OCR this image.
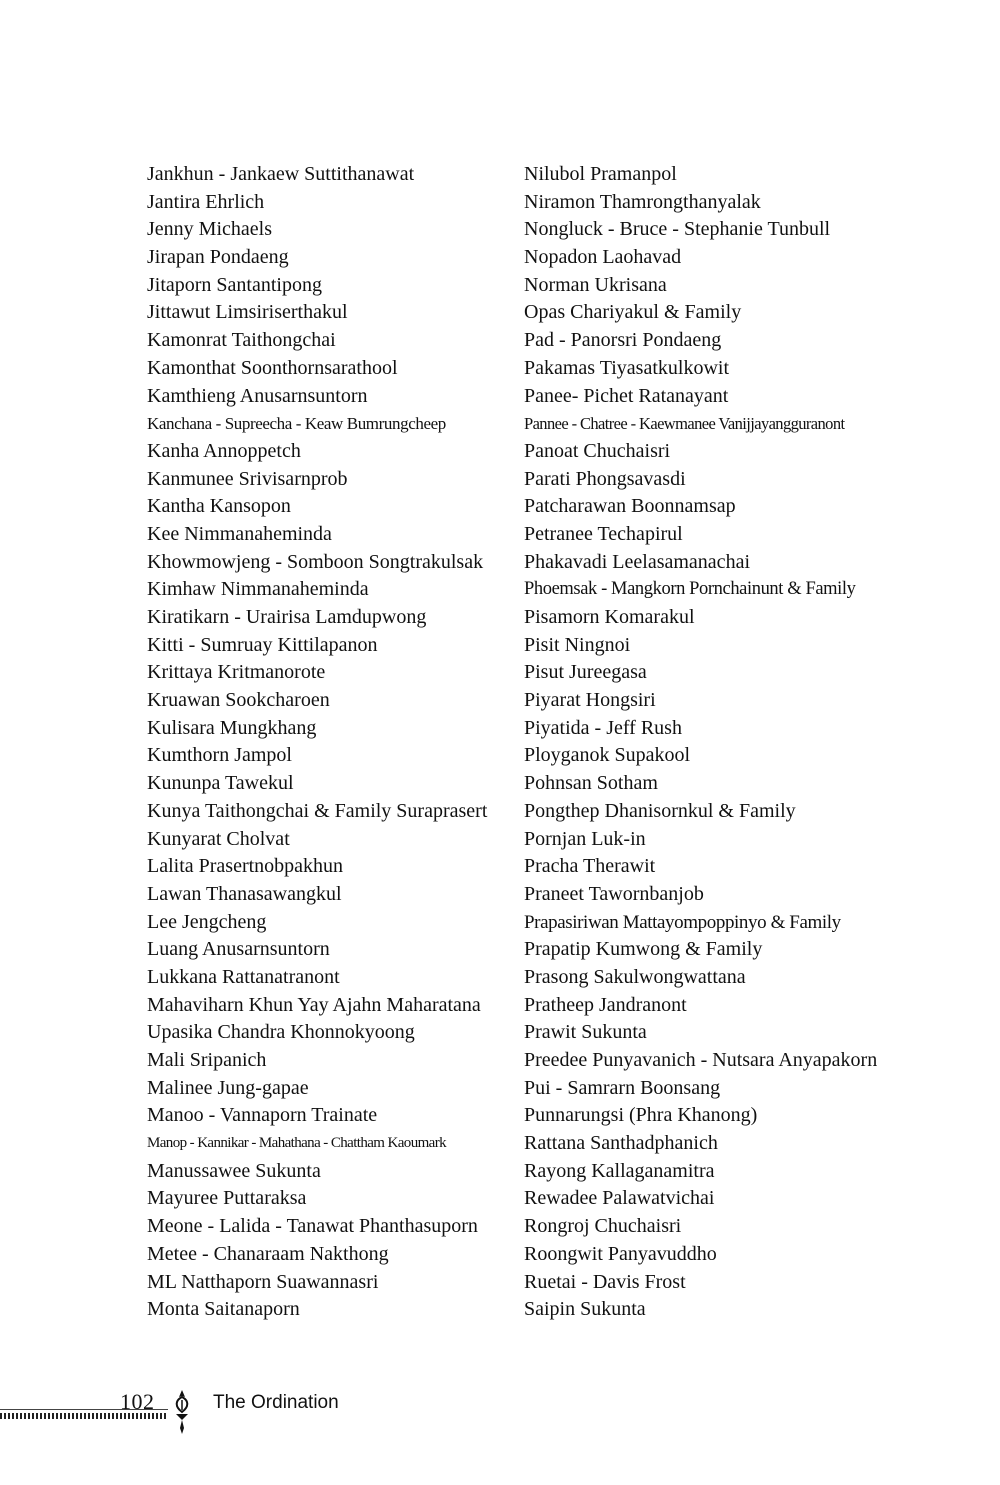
Jankhun - Jankaew Suttithanawat
Jantira Ehrlich
Jenny Michaels
Jirapan Pondaeng
Jitaporn Santantipong
Jittawut Limsiriserthakul
Kamonrat Taithongchai
Kamonthat Soonthornsarathool
Kamthieng Anusarnsuntorn
Kanchana - Supreecha - Keaw Bumrungcheep
Kanha Annoppetch
Kanmunee Srivisarnprob
Kantha Kansopon
Kee Nimmanaheminda
Khowmowjeng - Somboon Songtrakulsak
Kimhaw Nimmanaheminda
Kiratikarn - Urairisa Lamdupwong
Kitti - Sumruay Kittilapanon
Krittaya Kritmanorote
Kruawan Sookcharoen
Kulisara Mungkhang
Kumthorn Jampol
Kununpa Tawekul
Kunya Taithongchai & Family Suraprasert
Kunyarat Cholvat
Lalita Prasertnobpakhun
Lawan Thanasawangkul
Lee Jengcheng
Luang Anusarnsuntorn
Lukkana Rattanatranont
Mahaviharn Khun Yay Ajahn Maharatana
Upasika Chandra Khonnokyoong
Mali Sripanich
Malinee Jung-gapae
Manoo - Vannaporn Trainate
Manop - Kannikar - Mahathana - Chattham Kaoumark
Manussawee Sukunta
Mayuree Puttaraksa
Meone - Lalida - Tanawat Phanthasuporn
Metee - Chanaraam Nakthong
ML Natthaporn Suawannasri
Monta Saitanaporn
Nilubol Pramanpol
Niramon Thamrongthanyalak
Nongluck - Bruce - Stephanie Tunbull
Nopadon Laohavad
Norman Ukrisana
Opas Chariyakul & Family
Pad - Panorsri Pondaeng
Pakamas Tiyasatkulkowit
Panee- Pichet Ratanayant
Pannee - Chatree - Kaewmanee Vanijjayangguranont
Panoat Chuchaisri
Parati Phongsavasdi
Patcharawan Boonnamsap
Petranee Techapirul
Phakavadi Leelasamanachai
Phoemsak - Mangkorn Pornchainunt & Family
Pisamorn Komarakul
Pisit Ningnoi
Pisut Jureegasa
Piyarat Hongsiri
Piyatida - Jeff Rush
Ployganok Supakool
Pohnsan Sotham
Pongthep Dhanisornkul & Family
Pornjan Luk-in
Pracha Therawit
Praneet Tawornbanjob
Prapasiriwan Mattayompoppinyo & Family
Prapatip Kumwong & Family
Prasong Sakulwongwattana
Pratheep Jandranont
Prawit Sukunta
Preedee Punyavanich - Nutsara Anyapakorn
Pui - Samrarn Boonsang
Punnarungsi (Phra Khanong)
Rattana Santhadphanich
Rayong Kallaganamitra
Rewadee Palawatvichai
Rongroj Chuchaisri
Roongwit Panyavuddho
Ruetai - Davis Frost
Saipin Sukunta
102	The Ordination
